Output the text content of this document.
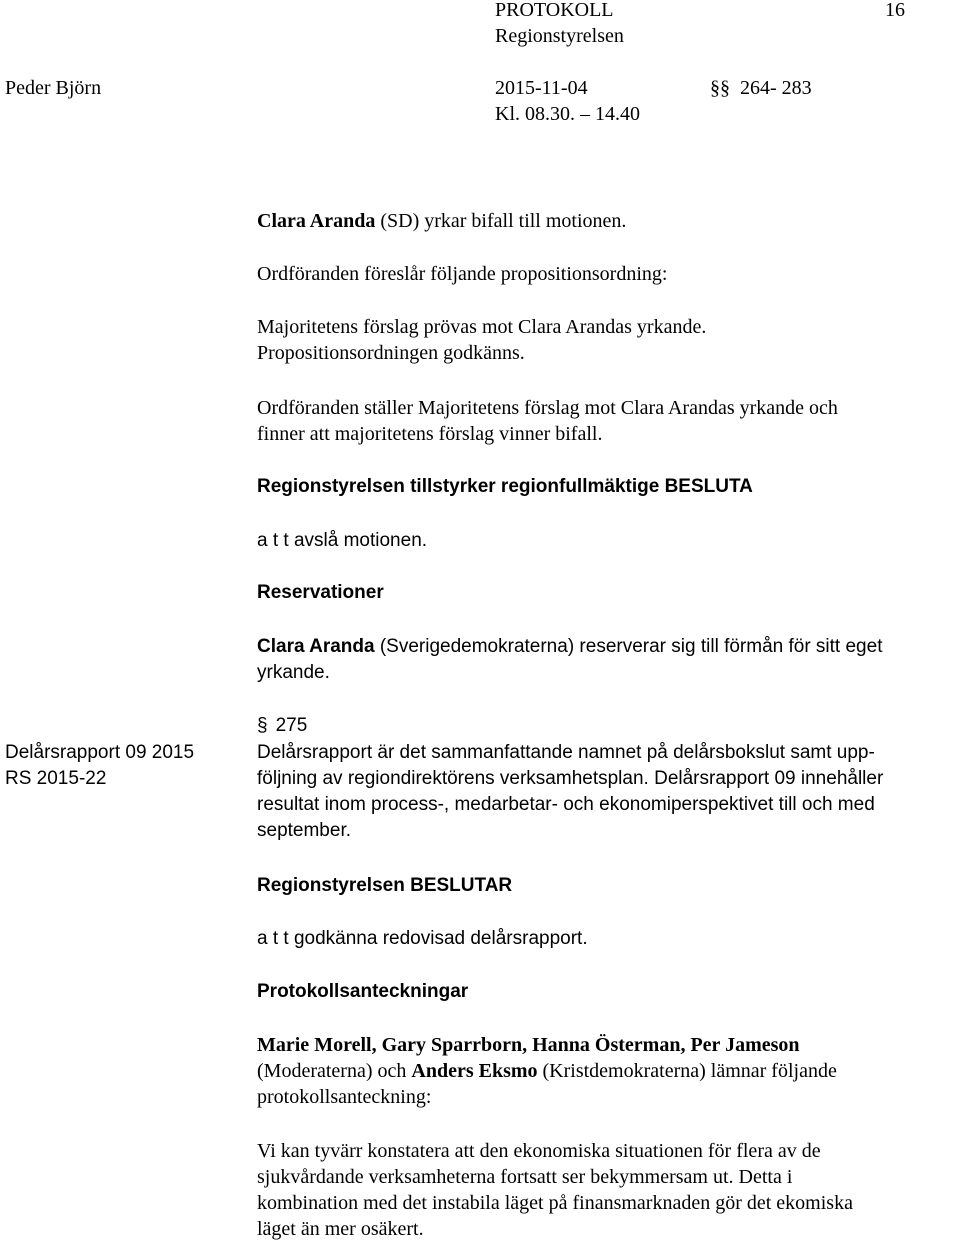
PROTOKOLL
Regionstyrelsen
16
Peder Björn	2015-11-04
Kl. 08.30. – 14.40
§§ 264- 283
Clara Aranda (SD) yrkar bifall till motionen.
Ordföranden föreslår följande propositionsordning:
Majoritetens förslag prövas mot Clara Arandas yrkande.
Propositionsordningen godkänns.
Ordföranden ställer Majoritetens förslag mot Clara Arandas yrkande och
finner att majoritetens förslag vinner bifall.
Regionstyrelsen tillstyrker regionfullmäktige BESLUTA
a t t avslå motionen.
Reservationer
Clara Aranda (Sverigedemokraterna) reserverar sig till förmån för sitt eget
yrkande.
Delårsrapport 09 2015
RS 2015-22
§ 275
Delårsrapport är det sammanfattande namnet på delårsbokslut samt upp-
följning av regiondirektörens verksamhetsplan. Delårsrapport 09 innehåller
resultat inom process-, medarbetar- och ekonomiperspektivet till och med
september.
Regionstyrelsen BESLUTAR
a t t godkänna redovisad delårsrapport.
Protokollsanteckningar
Marie Morell, Gary Sparrborn, Hanna Österman, Per Jameson
(Moderaterna) och Anders Eksmo (Kristdemokraterna) lämnar följande
protokollsanteckning:
Vi kan tyvärr konstatera att den ekonomiska situationen för flera av de
sjukvårdande verksamheterna fortsatt ser bekymmersam ut. Detta i
kombination med det instabila läget på finansmarknaden gör det ekomiska
läget än mer osäkert.
